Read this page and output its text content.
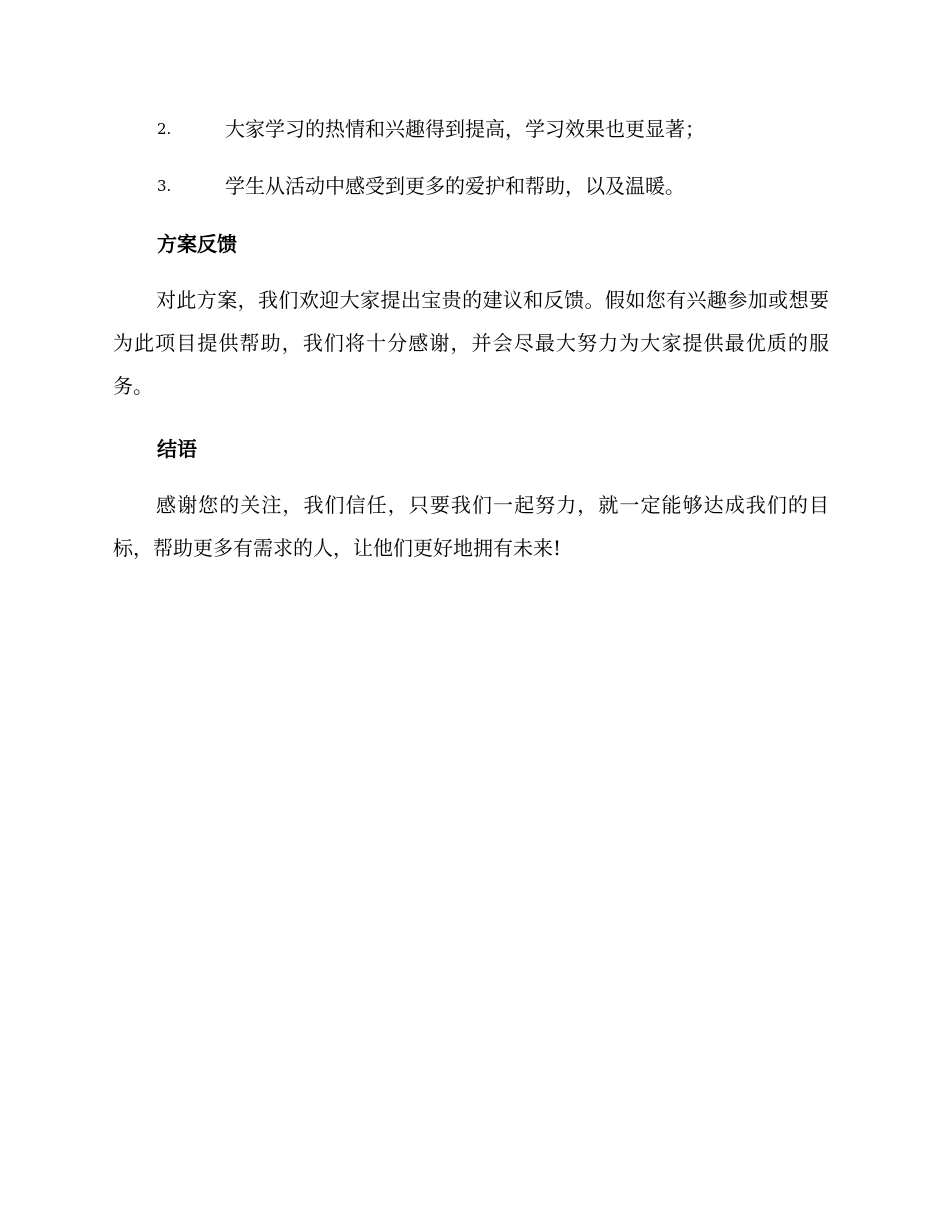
2.	大家学习的热情和兴趣得到提高，学习效果也更显著；
3.	学生从活动中感受到更多的爱护和帮助，以及温暖。
方案反馈
对此方案，我们欢迎大家提出宝贵的建议和反馈。假如您有兴趣参加或想要为此项目提供帮助，我们将十分感谢，并会尽最大努力为大家提供最优质的服务。
结语
感谢您的关注，我们信任，只要我们一起努力，就一定能够达成我们的目标，帮助更多有需求的人，让他们更好地拥有未来!
